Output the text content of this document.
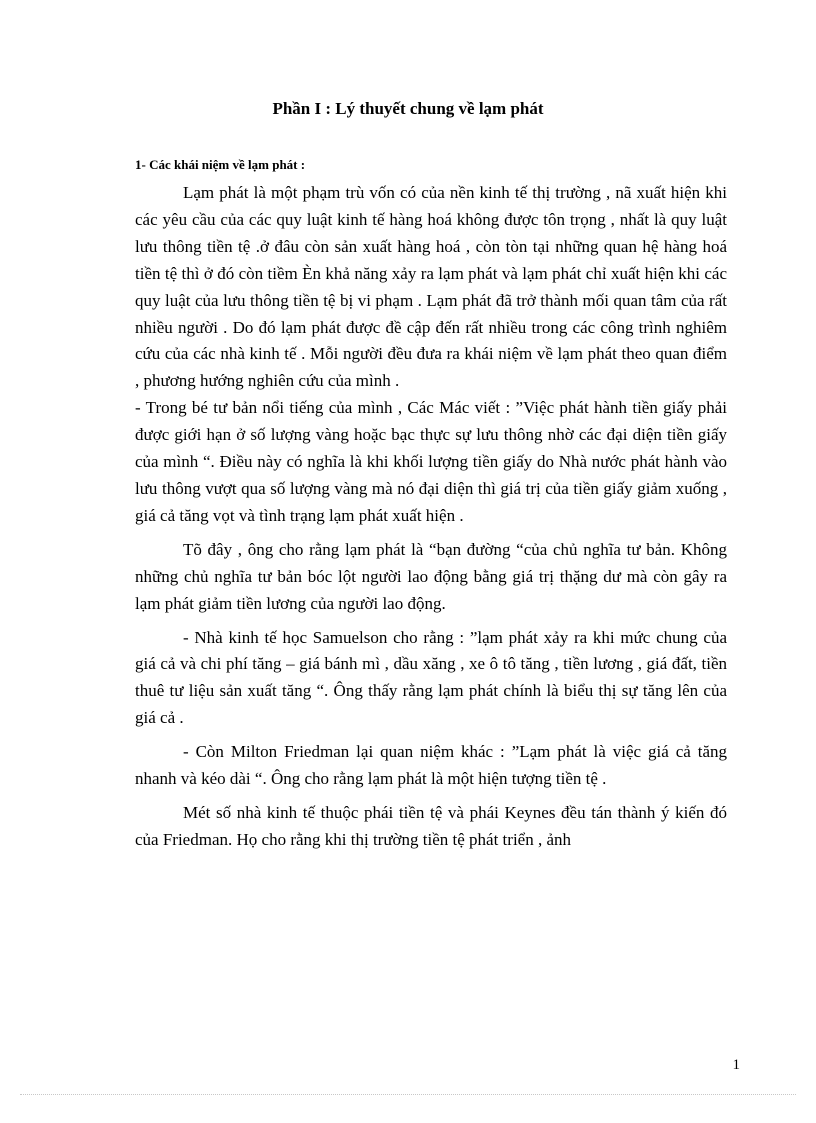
Phần I : Lý thuyết chung về lạm phát
1- Các khái niệm về lạm phát :

Lạm phát là một phạm trù vốn có của nền kinh tế thị trường , nã xuất hiện khi các yêu cầu của các quy luật kinh tế hàng hoá không được tôn trọng , nhất là quy luật lưu thông tiền tệ .ở đâu còn sản xuất hàng hoá , còn tòn tại những quan hệ hàng hoá tiền tệ thì ở đó còn tiềm Èn khả năng xảy ra lạm phát và lạm phát chỉ xuất hiện khi các quy luật của lưu thông tiền tệ bị vi phạm . Lạm phát đã trở thành mối quan tâm của rất nhiều người . Do đó lạm phát được đề cập đến rất nhiều trong các công trình nghiêm cứu của các nhà kinh tế . Mỗi người đều đưa ra khái niệm về lạm phát theo quan điểm , phương hướng nghiên cứu của mình .

- Trong bé tư bản nổi tiếng của mình , Các Mác viết : ”Việc phát hành tiền giấy phải được giới hạn ở số lượng vàng hoặc bạc thực sự lưu thông nhờ các đại diện tiền giấy của mình “. Điều này có nghĩa là khi khối lượng tiền giấy do Nhà nước phát hành vào lưu thông vượt qua số lượng vàng mà nó đại diện thì giá trị của tiền giấy giảm xuống , giá cả tăng vọt và tình trạng lạm phát xuất hiện .

Tõ đây , ông cho rằng lạm phát là “bạn đường “của chủ nghĩa tư bản. Không những chủ nghĩa tư bản bóc lột người lao động bằng giá trị thặng dư mà còn gây ra lạm phát giảm tiền lương của người lao động.

- Nhà kinh tế học Samuelson cho rằng : ”lạm phát xảy ra khi mức chung của giá cả và chi phí tăng – giá bánh mì , dầu xăng , xe ô tô tăng , tiền lương , giá đất, tiền thuê tư liệu sản xuất tăng “. Ông thấy rằng lạm phát chính là biểu thị sự tăng lên của giá cả .

- Còn Milton Friedman lại quan niệm khác : ”Lạm phát là việc giá cả tăng nhanh và kéo dài “. Ông cho rằng lạm phát là một hiện tượng tiền tệ .

Mét số nhà kinh tế thuộc phái tiền tệ và phái Keynes đều tán thành ý kiến đó của Friedman. Họ cho rằng khi thị trường tiền tệ phát triển , ảnh

1
